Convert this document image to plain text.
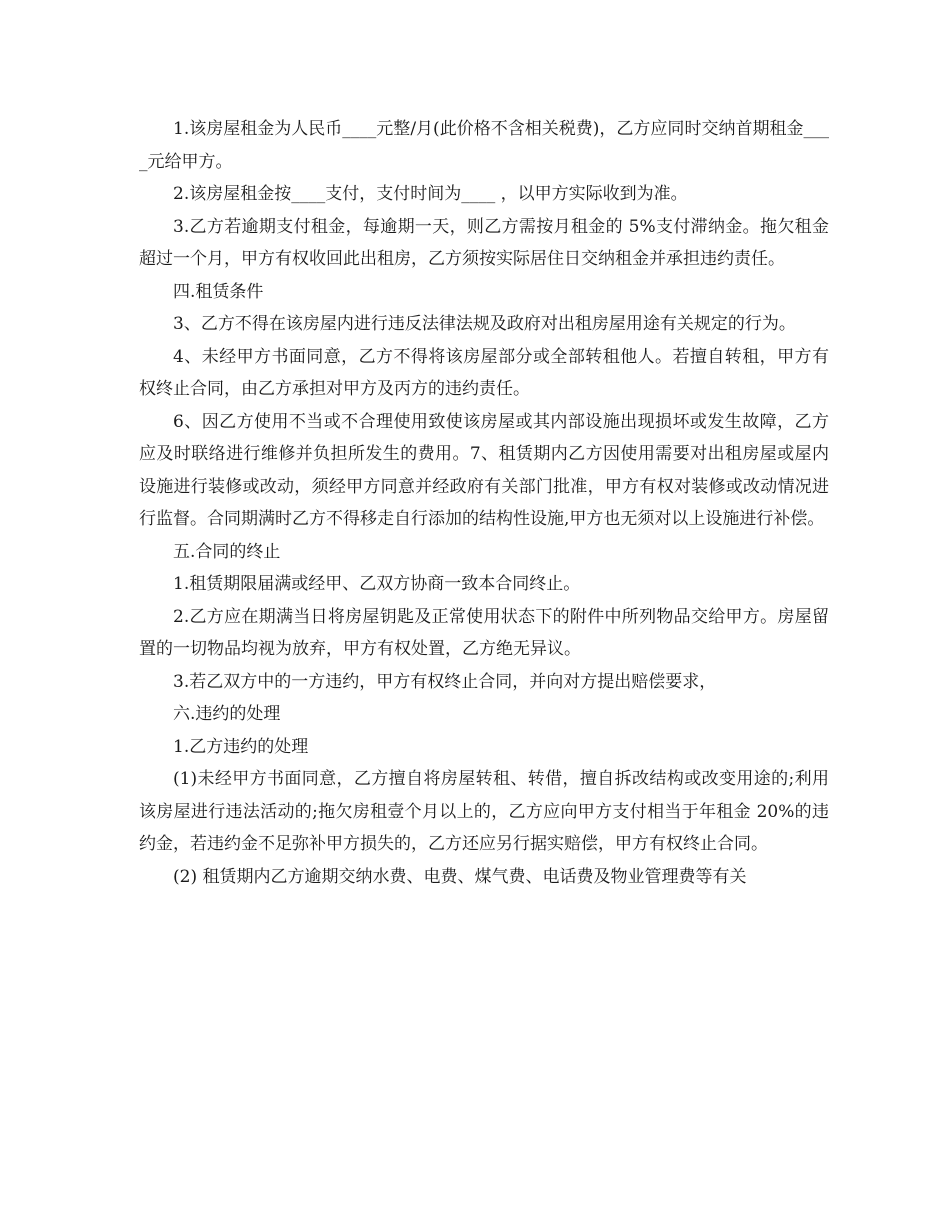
1.该房屋租金为人民币____元整/月(此价格不含相关税费)，乙方应同时交纳首期租金____元给甲方。

2.该房屋租金按____支付，支付时间为____ ，以甲方实际收到为准。

3.乙方若逾期支付租金，每逾期一天，则乙方需按月租金的 5%支付滞纳金。拖欠租金超过一个月，甲方有权收回此出租房，乙方须按实际居住日交纳租金并承担违约责任。

四.租赁条件

3、乙方不得在该房屋内进行违反法律法规及政府对出租房屋用途有关规定的行为。

4、未经甲方书面同意，乙方不得将该房屋部分或全部转租他人。若擅自转租，甲方有权终止合同，由乙方承担对甲方及丙方的违约责任。

6、因乙方使用不当或不合理使用致使该房屋或其内部设施出现损坏或发生故障，乙方应及时联络进行维修并负担所发生的费用。7、租赁期内乙方因使用需要对出租房屋或屋内设施进行装修或改动，须经甲方同意并经政府有关部门批准，甲方有权对装修或改动情况进行监督。合同期满时乙方不得移走自行添加的结构性设施,甲方也无须对以上设施进行补偿。

五.合同的终止

1.租赁期限届满或经甲、乙双方协商一致本合同终止。

2.乙方应在期满当日将房屋钥匙及正常使用状态下的附件中所列物品交给甲方。房屋留置的一切物品均视为放弃，甲方有权处置，乙方绝无异议。

3.若乙双方中的一方违约，甲方有权终止合同，并向对方提出赔偿要求，

六.违约的处理

1.乙方违约的处理

(1)未经甲方书面同意，乙方擅自将房屋转租、转借，擅自拆改结构或改变用途的;利用该房屋进行违法活动的;拖欠房租壹个月以上的，乙方应向甲方支付相当于年租金 20%的违约金，若违约金不足弥补甲方损失的，乙方还应另行据实赔偿，甲方有权终止合同。

(2) 租赁期内乙方逾期交纳水费、电费、煤气费、电话费及物业管理费等有关
